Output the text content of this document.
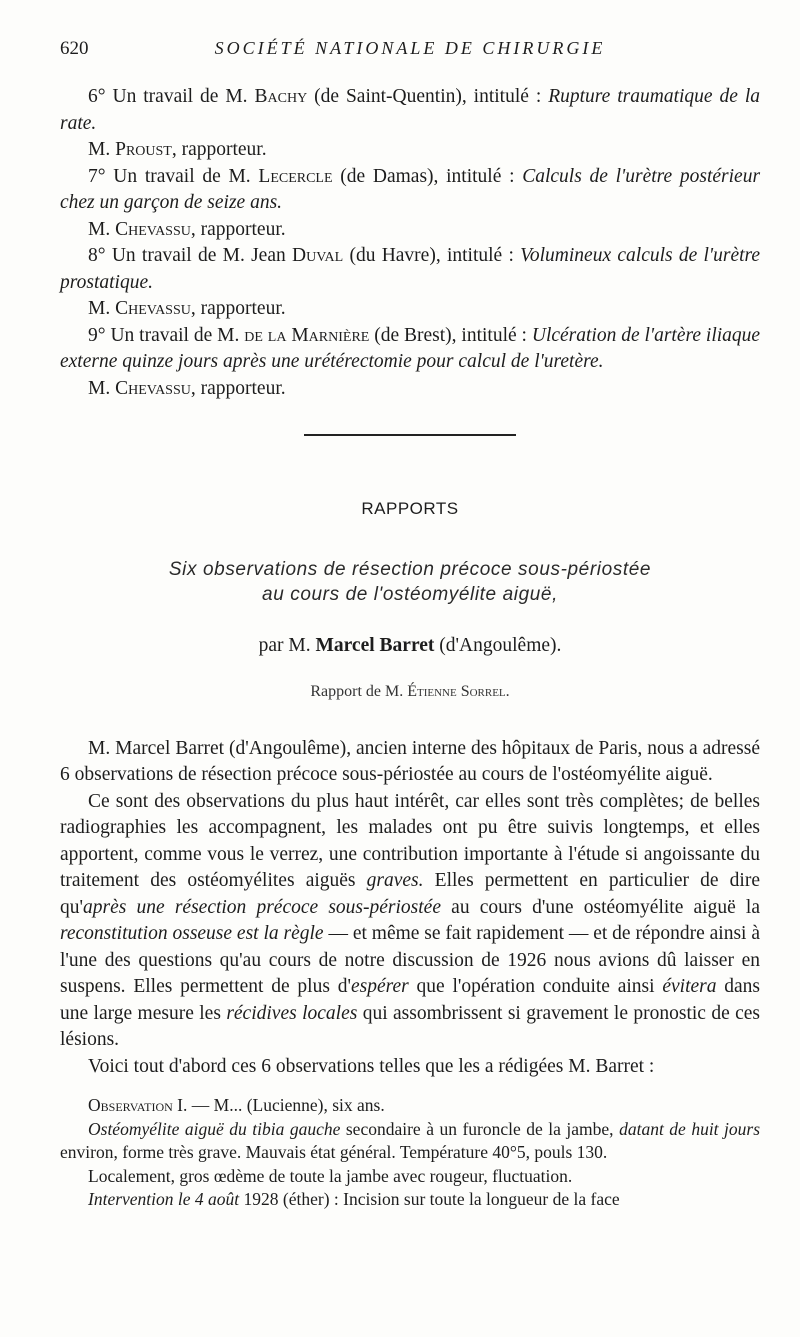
620	SOCIÉTÉ NATIONALE DE CHIRURGIE

6° Un travail de M. Bachy (de Saint-Quentin), intitulé : Rupture traumatique de la rate.

M. Proust, rapporteur.

7° Un travail de M. Lecercle (de Damas), intitulé : Calculs de l'urètre postérieur chez un garçon de seize ans.

M. Chevassu, rapporteur.

8° Un travail de M. Jean Duval (du Havre), intitulé : Volumineux calculs de l'urètre prostatique.

M. Chevassu, rapporteur.

9° Un travail de M. de la Marnière (de Brest), intitulé : Ulcération de l'artère iliaque externe quinze jours après une urétérectomie pour calcul de l'uretère.

M. Chevassu, rapporteur.

RAPPORTS

Six observations de résection précoce sous-périostée
au cours de l'ostéomyélite aiguë,

par M. Marcel Barret (d'Angoulême).

Rapport de M. Étienne Sorrel.

M. Marcel Barret (d'Angoulême), ancien interne des hôpitaux de Paris, nous a adressé 6 observations de résection précoce sous-périostée au cours de l'ostéomyélite aiguë.

Ce sont des observations du plus haut intérêt, car elles sont très complètes; de belles radiographies les accompagnent, les malades ont pu être suivis longtemps, et elles apportent, comme vous le verrez, une contribution importante à l'étude si angoissante du traitement des ostéomyélites aiguës graves. Elles permettent en particulier de dire qu'après une résection précoce sous-périostée au cours d'une ostéomyélite aiguë la reconstitution osseuse est la règle — et même se fait rapidement — et de répondre ainsi à l'une des questions qu'au cours de notre discussion de 1926 nous avions dû laisser en suspens. Elles permettent de plus d'espérer que l'opération conduite ainsi évitera dans une large mesure les récidives locales qui assombrissent si gravement le pronostic de ces lésions.

Voici tout d'abord ces 6 observations telles que les a rédigées M. Barret :

Observation I. — M... (Lucienne), six ans.

Ostéomyélite aiguë du tibia gauche secondaire à un furoncle de la jambe, datant de huit jours environ, forme très grave. Mauvais état général. Température 40°5, pouls 130.

Localement, gros œdème de toute la jambe avec rougeur, fluctuation.

Intervention le 4 août 1928 (éther) : Incision sur toute la longueur de la face
